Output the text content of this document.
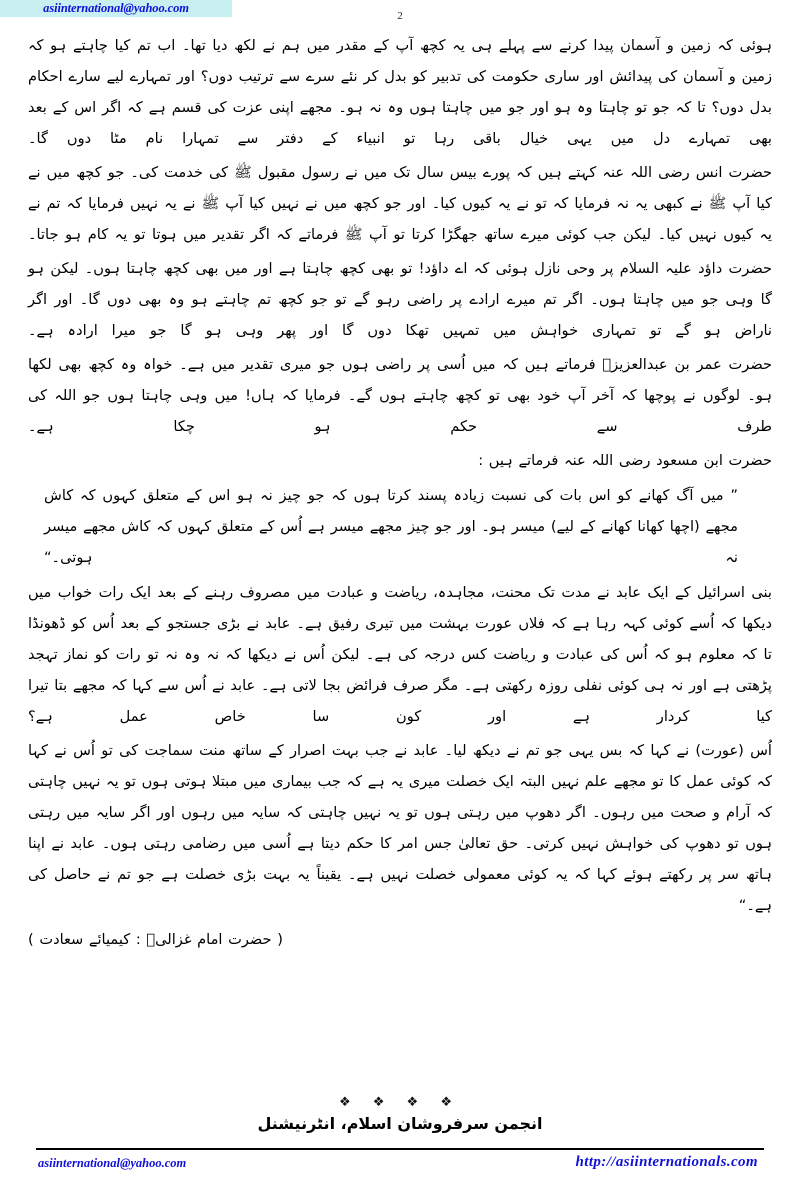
asiinternational@yahoo.com
2

ہوئی کہ زمین و آسمان پیدا کرنے سے پہلے ہی یہ کچھ آپ کے مقدر میں ہم نے لکھ دیا تھا۔ اب تم کیا چاہتے ہو کہ زمین و آسمان کی پیدائش اور ساری حکومت کی تدبیر کو بدل کر نئے سرے سے ترتیب دوں؟ اور تمہارے لیے سارے احکام بدل دوں؟ تا کہ جو تو چاہتا وہ ہو اور جو میں چاہتا ہوں وہ نہ ہو۔ مجھے اپنی عزت کی قسم ہے کہ اگر اس کے بعد بھی تمہارے دل میں یہی خیال باقی رہا تو انبیاء کے دفتر سے تمہارا نام مٹا دوں گا۔

حضرت انس رضی اللہ عنہ کہتے ہیں کہ پورے بیس سال تک میں نے رسول مقبول ﷺ کی خدمت کی۔ جو کچھ میں نے کیا آپ ﷺ نے کبھی یہ نہ فرمایا کہ تو نے یہ کیوں کیا۔ اور جو کچھ میں نے نہیں کیا آپ ﷺ نے یہ نہیں فرمایا کہ تم نے یہ کیوں نہیں کیا۔ لیکن جب کوئی میرے ساتھ جھگڑا کرتا تو آپ ﷺ فرماتے کہ اگر تقدیر میں ہوتا تو یہ کام ہو جاتا۔

حضرت داؤد علیہ السلام پر وحی نازل ہوئی کہ اے داؤد! تو بھی کچھ چاہتا ہے اور میں بھی کچھ چاہتا ہوں۔ لیکن ہو گا وہی جو میں چاہتا ہوں۔ اگر تم میرے ارادے پر راضی رہو گے تو جو کچھ تم چاہتے ہو وہ بھی دوں گا۔ اور اگر ناراض ہو گے تو تمہاری خواہش میں تمہیں تھکا دوں گا اور پھر وہی ہو گا جو میرا ارادہ ہے۔

حضرت عمر بن عبدالعزیزؒ فرماتے ہیں کہ میں اُسی پر راضی ہوں جو میری تقدیر میں ہے۔ خواہ وہ کچھ بھی لکھا ہو۔ لوگوں نے پوچھا کہ آخر آپ خود بھی تو کچھ چاہتے ہوں گے۔ فرمایا کہ ہاں! میں وہی چاہتا ہوں جو اللہ کی طرف سے حکم ہو چکا ہے۔

حضرت ابن مسعود رضی اللہ عنہ فرماتے ہیں :

” میں آگ کھانے کو اس بات کی نسبت زیادہ پسند کرتا ہوں کہ جو چیز نہ ہو اس کے متعلق کہوں کہ کاش مجھے (اچھا کھانا کھانے کے لیے) میسر ہو۔ اور جو چیز مجھے میسر ہے اُس کے متعلق کہوں کہ کاش مجھے میسر نہ ہوتی۔“

بنی اسرائیل کے ایک عابد نے مدت تک محنت، مجاہدہ، ریاضت و عبادت میں مصروف رہنے کے بعد ایک رات خواب میں دیکھا کہ اُسے کوئی کہہ رہا ہے کہ فلاں عورت بہشت میں تیری رفیق ہے۔ عابد نے بڑی جستجو کے بعد اُس کو ڈھونڈا تا کہ معلوم ہو کہ اُس کی عبادت و ریاضت کس درجہ کی ہے۔ لیکن اُس نے دیکھا کہ نہ وہ نہ تو رات کو نماز تہجد پڑھتی ہے اور نہ ہی کوئی نفلی روزہ رکھتی ہے۔ مگر صرف فرائض بجا لاتی ہے۔ عابد نے اُس سے کہا کہ مجھے بتا تیرا کیا کردار ہے اور کون سا خاص عمل ہے؟

اُس (عورت) نے کہا کہ بس یہی جو تم نے دیکھ لیا۔ عابد نے جب بہت اصرار کے ساتھ منت سماجت کی تو اُس نے کہا کہ کوئی عمل کا تو مجھے علم نہیں البتہ ایک خصلت میری یہ ہے کہ جب بیماری میں مبتلا ہوتی ہوں تو یہ نہیں چاہتی کہ آرام و صحت میں رہوں۔ اگر دھوپ میں رہتی ہوں تو یہ نہیں چاہتی کہ سایہ میں رہوں اور اگر سایہ میں رہتی ہوں تو دھوپ کی خواہش نہیں کرتی۔ حق تعالیٰ جس امر کا حکم دیتا ہے اُسی میں رضامی رہتی ہوں۔ عابد نے اپنا ہاتھ سر پر رکھتے ہوئے کہا کہ یہ کوئی معمولی خصلت نہیں ہے۔ یقیناً یہ بہت بڑی خصلت ہے جو تم نے حاصل کی ہے۔“

( حضرت امام غزالیؒ : کیمیائے سعادت )

❖ ❖ ❖ ❖
انجمن سرفروشان اسلام، انٹرنیشنل
asiinternational@yahoo.com	http://asiinternationals.com
